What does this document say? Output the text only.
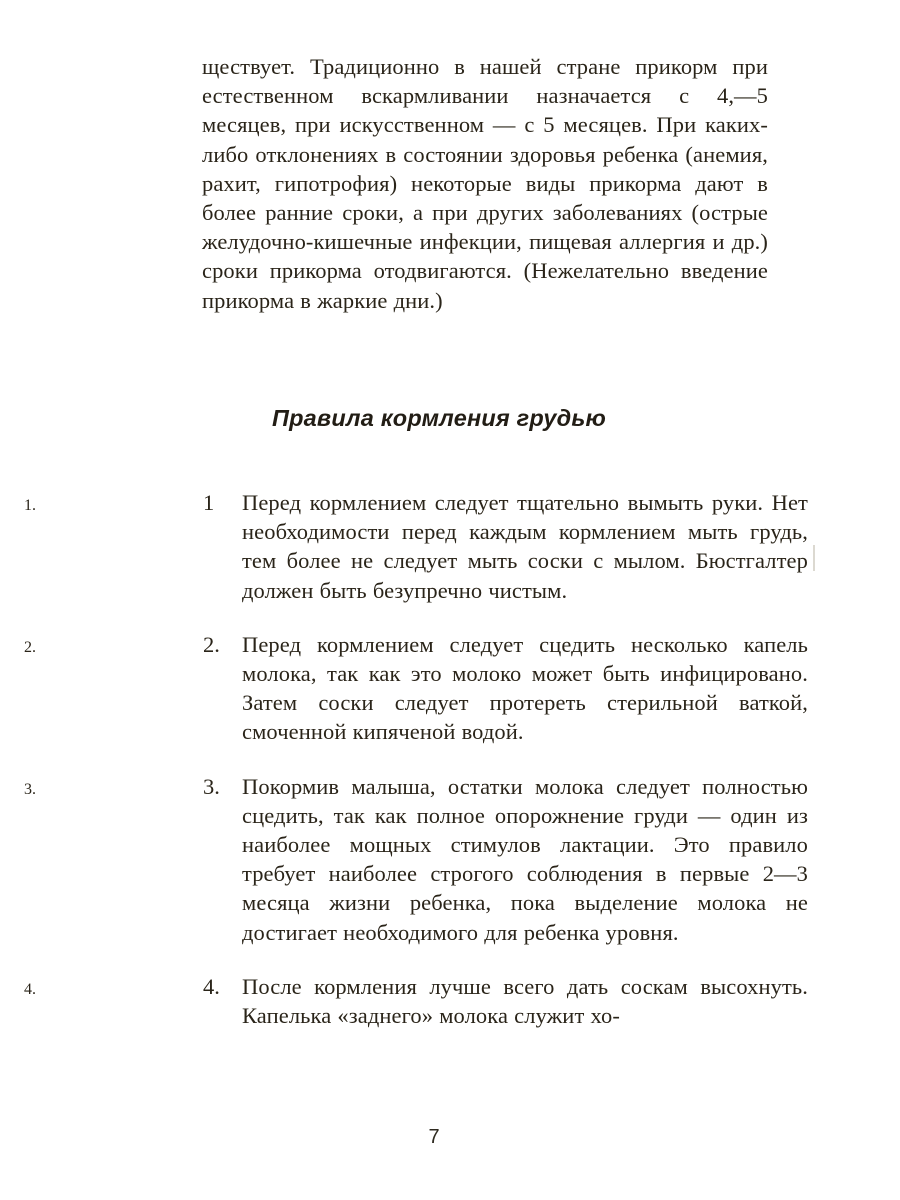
ществует. Традиционно в нашей стране прикорм при естественном вскармливании назначается с 4,—5 месяцев, при искусственном — с 5 месяцев. При каких-либо отклонениях в состоянии здоровья ребенка (анемия, рахит, гипотрофия) некоторые виды прикорма дают в более ранние сроки, а при других заболеваниях (острые желудочно-кишечные инфекции, пищевая аллергия и др.) сроки прикорма отодвигаются. (Нежелательно введение прикорма в жаркие дни.)

Правила кормления грудью
1. 1	Перед кормлением следует тщательно вымыть руки. Нет необходимости перед каждым кормлением мыть грудь, тем более не следует мыть соски с мылом. Бюстгалтер должен быть безупречно чистым.

2. 2. Перед кормлением следует сцедить несколько капель молока, так как это молоко может быть инфицировано. Затем соски следует протереть стерильной ваткой, смоченной кипяченой водой.

3. 3. Покормив малыша, остатки молока следует полностью сцедить, так как полное опорожнение груди — один из наиболее мощных стимулов лактации. Это правило требует наиболее строгого соблюдения в первые 2—3 месяца жизни ребенка, пока выделение молока не достигает необходимого для ребенка уровня.

4. 4. После кормления лучше всего дать соскам высохнуть. Капелька «заднего» молока служит хо-

7
